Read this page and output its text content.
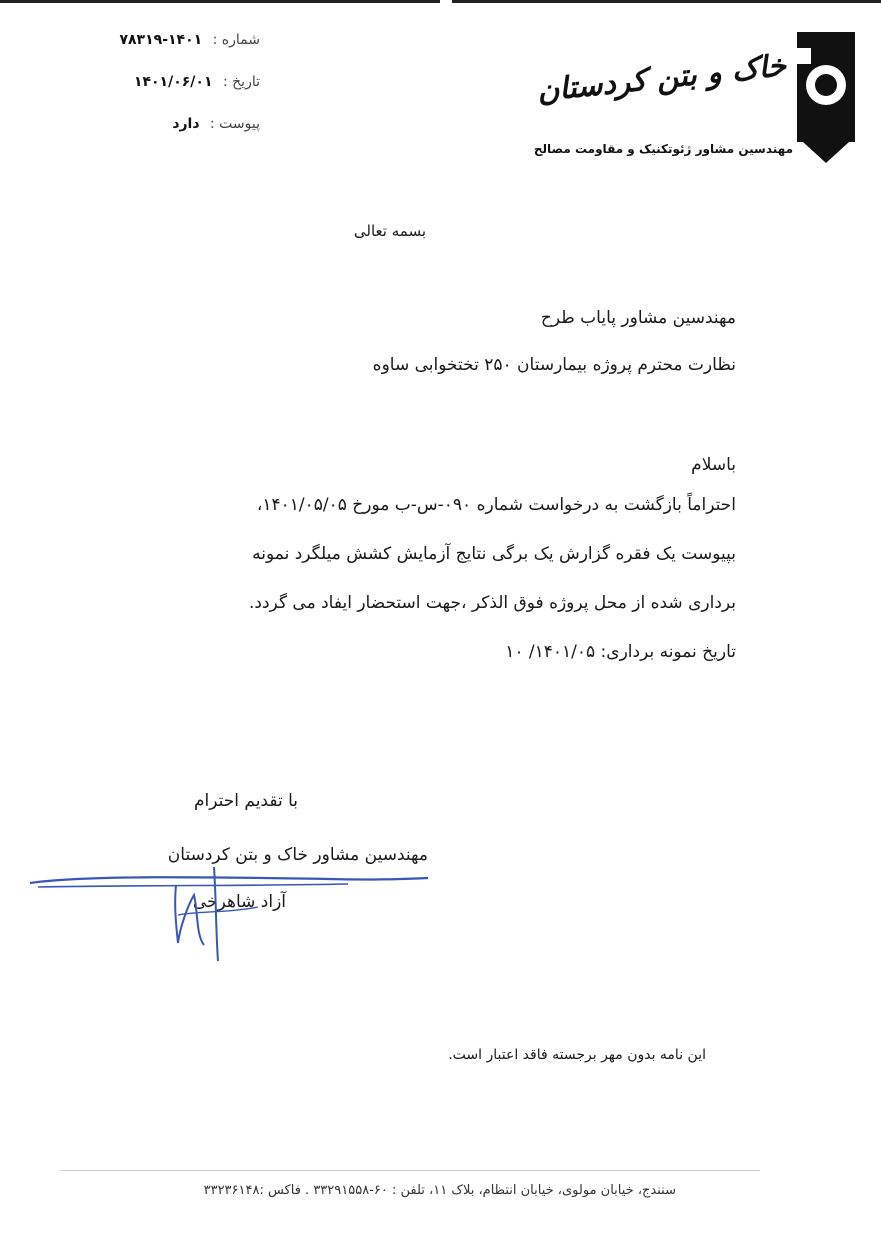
خاک و بتن کردستان
مهندسین مشاور ژئوتکنیک و مقاومت مصالح
شماره : ۱۴۰۱-۷۸۳۱۹
تاریخ : ۱۴۰۱/۰۶/۰۱
پیوست : دارد
بسمه تعالی
مهندسین مشاور پایاب طرح
نظارت محترم پروژه بیمارستان ۲۵۰ تختخوابی ساوه
باسلام
احتراماً بازگشت به درخواست شماره ۰۹۰-س-ب مورخ ۱۴۰۱/۰۵/۰۵،
بپیوست یک فقره گزارش یک برگی نتایج آزمایش کشش میلگرد نمونه
برداری شده از محل پروژه فوق الذکر ،جهت استحضار ایفاد می گردد.
تاریخ نمونه برداری: ۱۴۰۱/۰۵/ ۱۰
با تقدیم احترام
مهندسین مشاور خاک و بتن کردستان
آزاد شاهرخی
این نامه بدون مهر برجسته فاقد اعتبار است.
سنندج، خیابان مولوی، خیابان انتظام، بلاک ۱۱، تلفن : ۶۰-۳۳۲۹۱۵۵۸ . فاکس :۳۳۲۳۶۱۴۸
